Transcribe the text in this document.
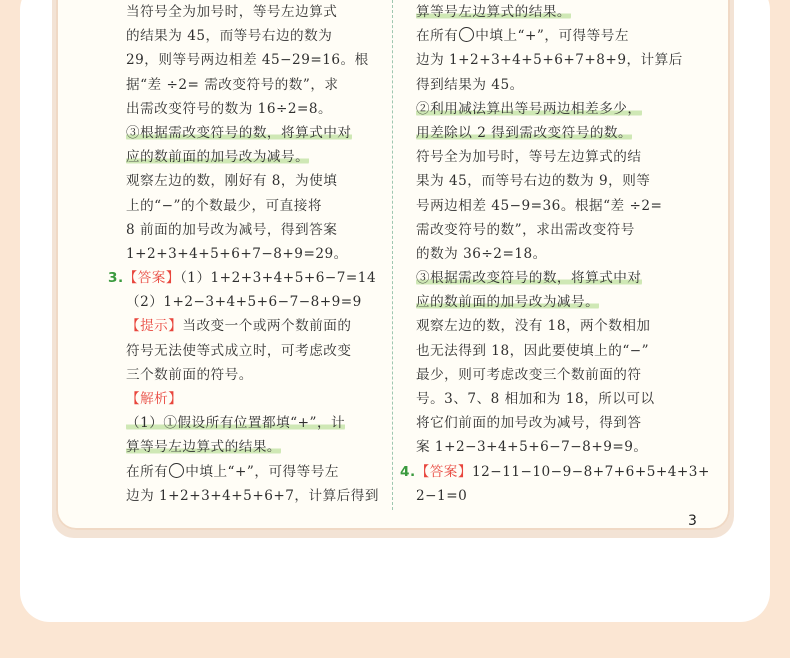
当符号全为加号时，等号左边算式
的结果为 45，而等号右边的数为
29，则等号两边相差 45−29=16。根
据“差 ÷2= 需改变符号的数”，求
出需改变符号的数为 16÷2=8。
③根据需改变符号的数，将算式中对
应的数前面的加号改为减号。
观察左边的数，刚好有 8，为使填
上的“−”的个数最少，可直接将
8 前面的加号改为减号，得到答案
1+2+3+4+5+6+7−8+9=29。
3.【答案】（1）1+2+3+4+5+6−7=14
（2）1+2−3+4+5+6−7−8+9=9
【提示】当改变一个或两个数前面的
符号无法使等式成立时，可考虑改变
三个数前面的符号。
【解析】
（1）①假设所有位置都填“+”，计
算等号左边算式的结果。
在所有 中填上“+”，可得等号左
边为 1+2+3+4+5+6+7，计算后得到
算等号左边算式的结果。
在所有 中填上“+”，可得等号左
边为 1+2+3+4+5+6+7+8+9，计算后
得到结果为 45。
②利用减法算出等号两边相差多少，
用差除以 2 得到需改变符号的数。
符号全为加号时，等号左边算式的结
果为 45，而等号右边的数为 9，则等
号两边相差 45−9=36。根据“差 ÷2=
需改变符号的数”，求出需改变符号
的数为 36÷2=18。
③根据需改变符号的数，将算式中对
应的数前面的加号改为减号。
观察左边的数，没有 18，两个数相加
也无法得到 18，因此要使填上的“−”
最少，则可考虑改变三个数前面的符
号。3、7、8 相加和为 18，所以可以
将它们前面的加号改为减号，得到答
案 1+2−3+4+5+6−7−8+9=9。
4.【答案】12−11−10−9−8+7+6+5+4+3+
2−1=0
3
